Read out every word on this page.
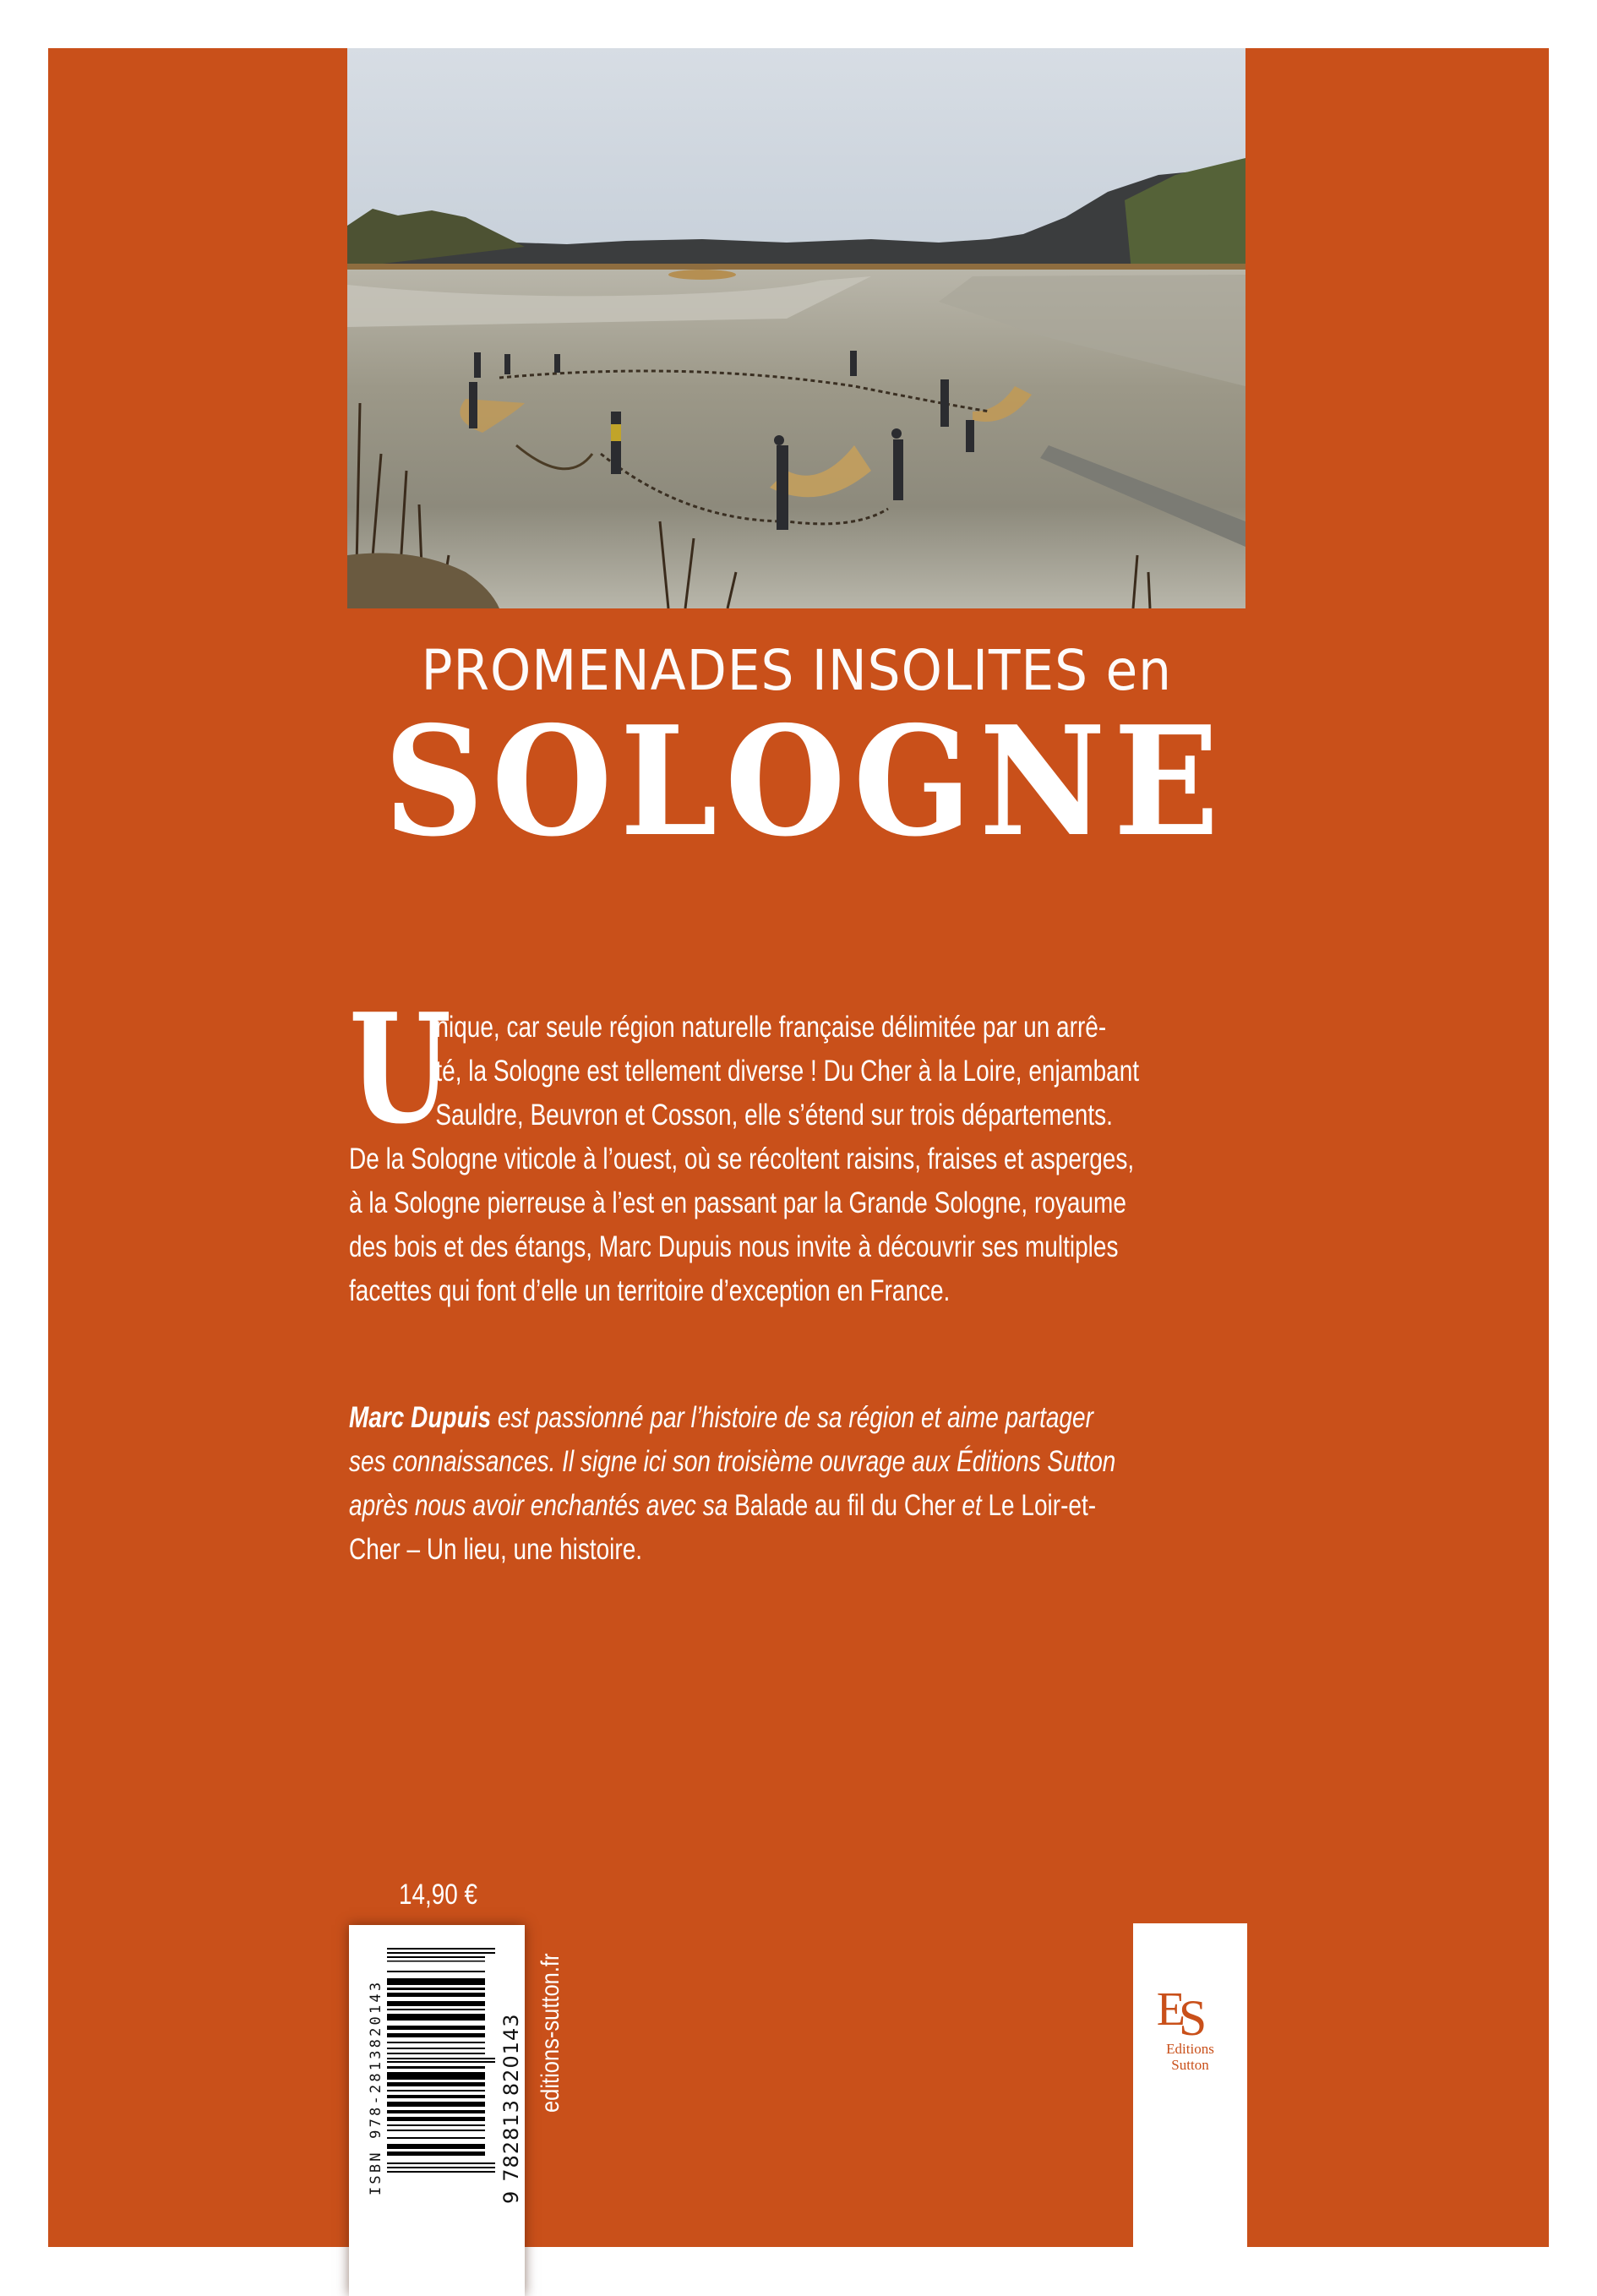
PROMENADES INSOLITES en
SOLOGNE
U
nique, car seule région naturelle française délimitée par un arrê-
té, la Sologne est tellement diverse ! Du Cher à la Loire, enjambant
Sauldre, Beuvron et Cosson, elle s’étend sur trois départements.
De la Sologne viticole à l’ouest, où se récoltent raisins, fraises et asperges,
à la Sologne pierreuse à l’est en passant par la Grande Sologne, royaume
des bois et des étangs, Marc Dupuis nous invite à découvrir ses multiples
facettes qui font d’elle un territoire d’exception en France.
Marc Dupuis est passionné par l’histoire de sa région et aime partager
ses connaissances. Il signe ici son troisième ouvrage aux Éditions Sutton
après nous avoir enchantés avec sa Balade au fil du Cher et Le Loir-et-
Cher – Un lieu, une histoire.
14,90 €
ISBN 978-2813820143
9782813820143 editions-sutton.fr	ES
Editions
Sutton
